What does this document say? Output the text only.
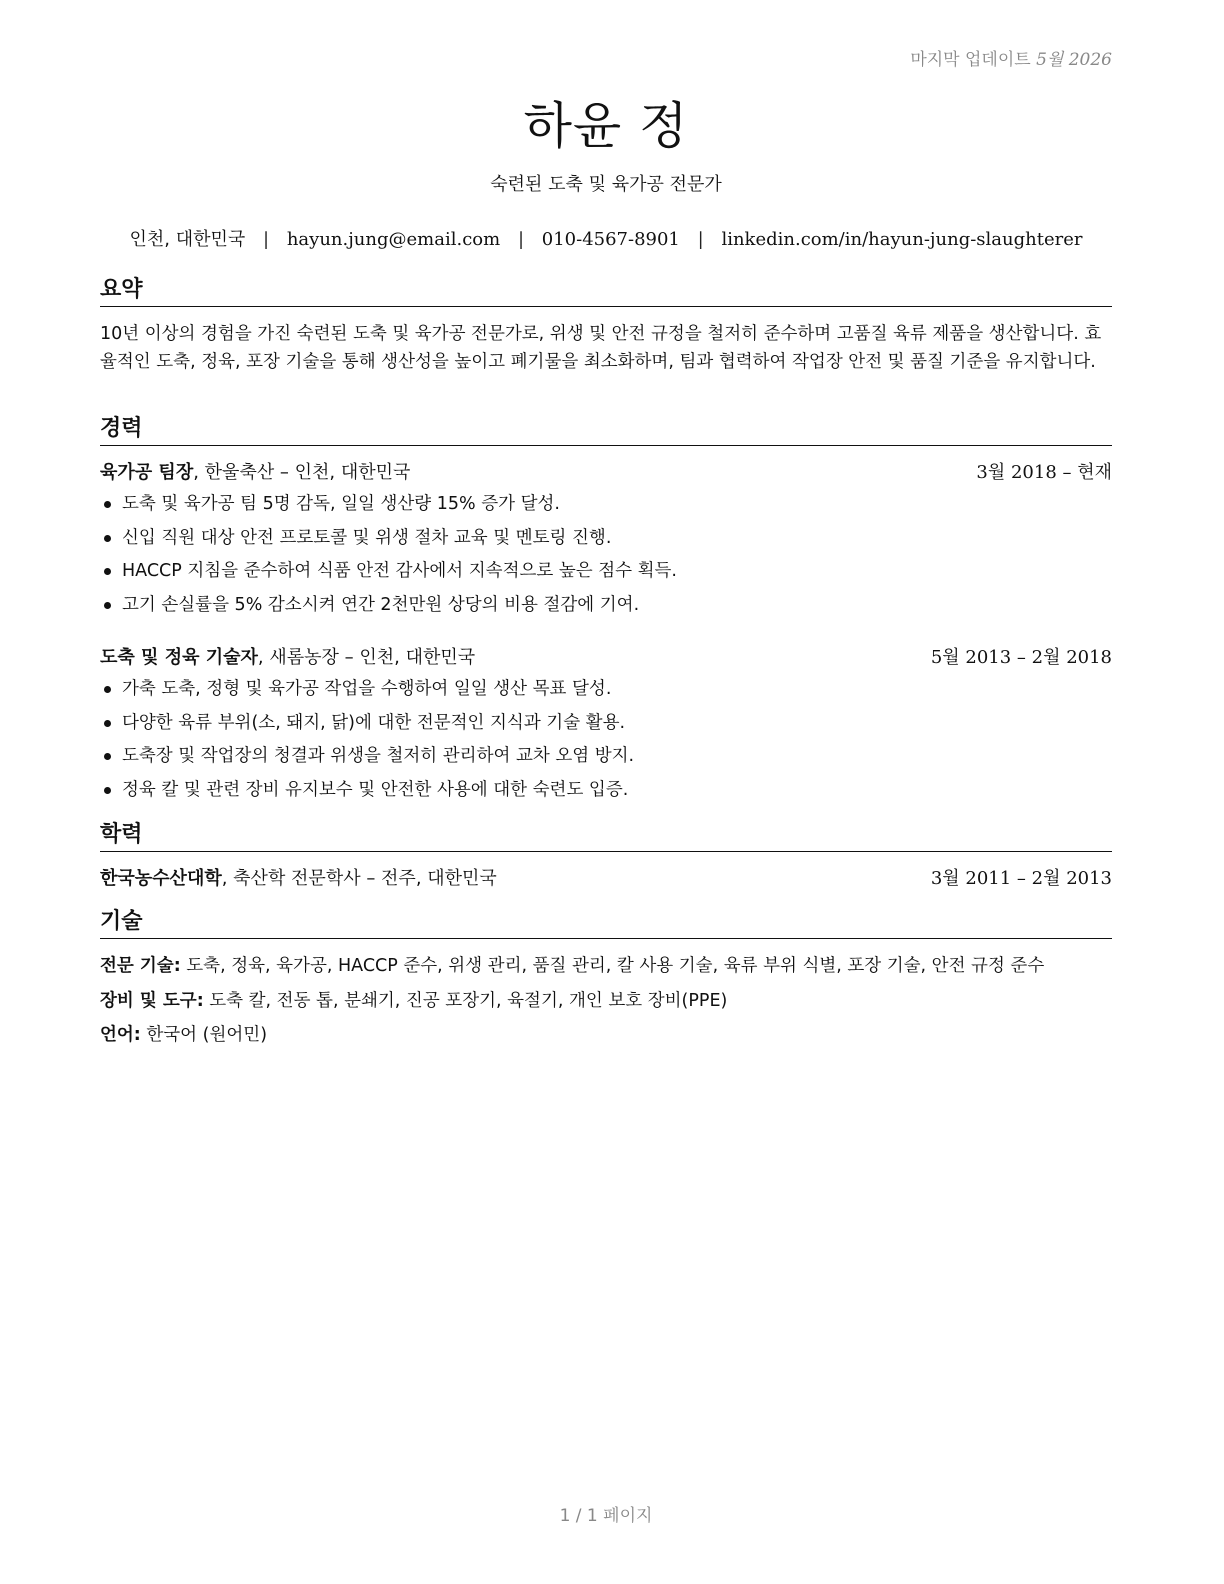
마지막 업데이트 5월 2026
하윤 정
숙련된 도축 및 육가공 전문가
인천, 대한민국 | hayun.jung@email.com | 010-4567-8901 | linkedin.com/in/hayun-jung-slaughterer
요약

10년 이상의 경험을 가진 숙련된 도축 및 육가공 전문가로, 위생 및 안전 규정을 철저히 준수하며 고품질 육류 제품을 생산합니다. 효율적인 도축, 정육, 포장 기술을 통해 생산성을 높이고 폐기물을 최소화하며, 팀과 협력하여 작업장 안전 및 품질 기준을 유지합니다.

경력
육가공 팀장, 한울축산 – 인천, 대한민국	3월 2018 – 현재
도축 및 육가공 팀 5명 감독, 일일 생산량 15% 증가 달성.
신입 직원 대상 안전 프로토콜 및 위생 절차 교육 및 멘토링 진행.
HACCP 지침을 준수하여 식품 안전 감사에서 지속적으로 높은 점수 획득.
고기 손실률을 5% 감소시켜 연간 2천만원 상당의 비용 절감에 기여.
도축 및 정육 기술자, 새롬농장 – 인천, 대한민국	5월 2013 – 2월 2018
가축 도축, 정형 및 육가공 작업을 수행하여 일일 생산 목표 달성.
다양한 육류 부위(소, 돼지, 닭)에 대한 전문적인 지식과 기술 활용.
도축장 및 작업장의 청결과 위생을 철저히 관리하여 교차 오염 방지.
정육 칼 및 관련 장비 유지보수 및 안전한 사용에 대한 숙련도 입증.
학력
한국농수산대학, 축산학 전문학사 – 전주, 대한민국	3월 2011 – 2월 2013
기술
전문 기술: 도축, 정육, 육가공, HACCP 준수, 위생 관리, 품질 관리, 칼 사용 기술, 육류 부위 식별, 포장 기술, 안전 규정 준수
장비 및 도구: 도축 칼, 전동 톱, 분쇄기, 진공 포장기, 육절기, 개인 보호 장비(PPE)
언어: 한국어 (원어민)
1 / 1 페이지
